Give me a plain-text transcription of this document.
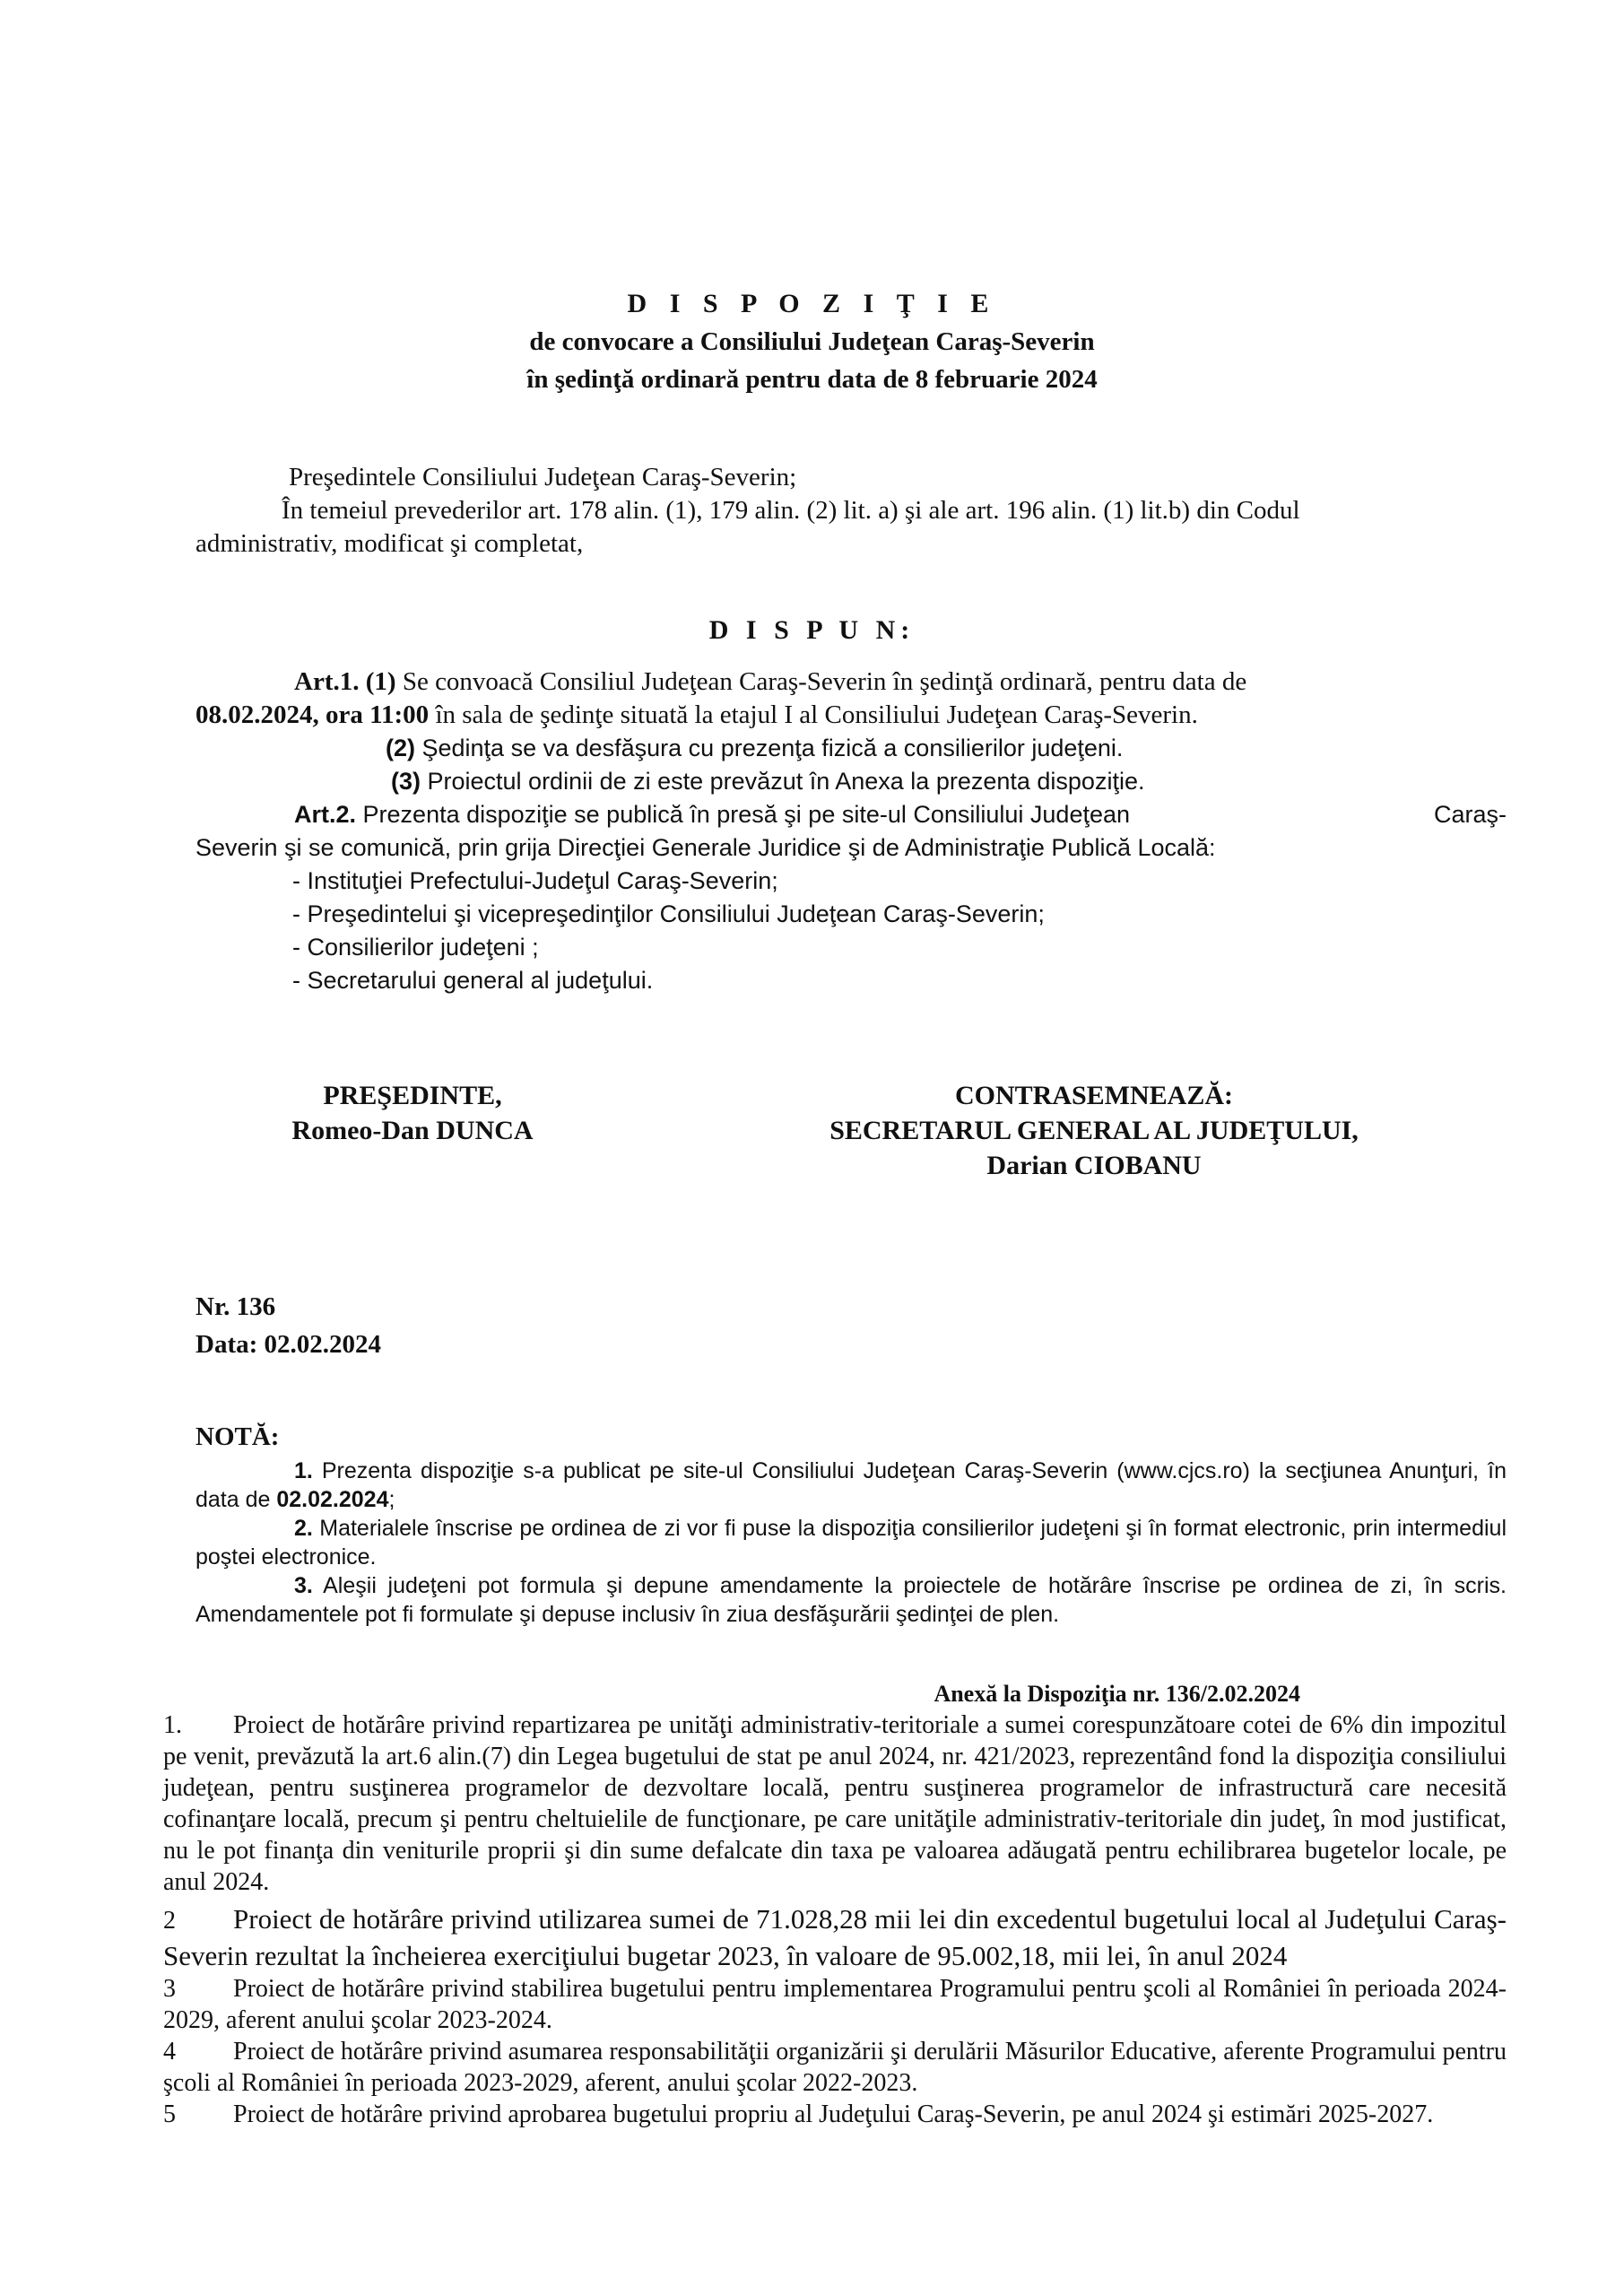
D I S P O Z I Ţ I E
de convocare a Consiliului Judeţean Caraş-Severin
în şedinţă ordinară pentru data de 8 februarie 2024
Preşedintele Consiliului Judeţean Caraş-Severin;
În temeiul prevederilor art. 178 alin. (1), 179 alin. (2) lit. a) şi ale art. 196 alin. (1) lit.b) din Codul
administrativ, modificat şi completat,
D I S P U N:

Art.1. (1) Se convoacă Consiliul Judeţean Caraş-Severin în şedinţă ordinară, pentru data de

08.02.2024, ora 11:00 în sala de şedinţe situată la etajul I al Consiliului Judeţean Caraş-Severin.

(2) Şedinţa se va desfăşura cu prezenţa fizică a consilierilor judeţeni.

(3) Proiectul ordinii de zi este prevăzut în Anexa la prezenta dispoziţie.

Art.2. Prezenta dispoziţie se publică în presă şi pe site-ul Consiliului Judeţean	Caraş-

Severin şi se comunică, prin grija Direcţiei Generale Juridice şi de Administraţie Publică Locală:

- Instituţiei Prefectului-Judeţul Caraş-Severin;
- Preşedintelui şi vicepreşedinţilor Consiliului Judeţean Caraş-Severin;
- Consilierilor judeţeni ;
- Secretarului general al judeţului.
PREŞEDINTE,
Romeo-Dan DUNCA
CONTRASEMNEAZĂ:
SECRETARUL GENERAL AL JUDEŢULUI,
Darian CIOBANU
Nr. 136
Data: 02.02.2024
NOTĂ:

1. Prezenta dispoziţie s-a publicat pe site-ul Consiliului Judeţean Caraş-Severin (www.cjcs.ro) la secţiunea Anunţuri, în data de 02.02.2024;

2. Materialele înscrise pe ordinea de zi vor fi puse la dispoziţia consilierilor judeţeni şi în format electronic, prin intermediul poştei electronice.

3. Aleşii judeţeni pot formula şi depune amendamente la proiectele de hotărâre înscrise pe ordinea de zi, în scris. Amendamentele pot fi formulate şi depuse inclusiv în ziua desfăşurării şedinţei de plen.

Anexă la Dispoziţia nr. 136/2.02.2024

1. Proiect de hotărâre privind repartizarea pe unităţi administrativ-teritoriale a sumei corespunzătoare cotei de 6% din impozitul pe venit, prevăzută la art.6 alin.(7) din Legea bugetului de stat pe anul 2024, nr. 421/2023, reprezentând fond la dispoziţia consiliului judeţean, pentru susţinerea programelor de dezvoltare locală, pentru susţinerea programelor de infrastructură care necesită cofinanţare locală, precum şi pentru cheltuielile de funcţionare, pe care unităţile administrativ-teritoriale din judeţ, în mod justificat, nu le pot finanţa din veniturile proprii şi din sume defalcate din taxa pe valoarea adăugată pentru echilibrarea bugetelor locale, pe anul 2024.

2 Proiect de hotărâre privind utilizarea sumei de 71.028,28 mii lei din excedentul bugetului local al Judeţului Caraş-Severin rezultat la încheierea exerciţiului bugetar 2023, în valoare de 95.002,18, mii lei, în anul 2024

3 Proiect de hotărâre privind stabilirea bugetului pentru implementarea Programului pentru şcoli al României în perioada 2024-2029, aferent anului şcolar 2023-2024.

4 Proiect de hotărâre privind asumarea responsabilităţii organizării şi derulării Măsurilor Educative, aferente Programului pentru şcoli al României în perioada 2023-2029, aferent, anului şcolar 2022-2023.

5 Proiect de hotărâre privind aprobarea bugetului propriu al Judeţului Caraş-Severin, pe anul 2024 şi estimări 2025-2027.
